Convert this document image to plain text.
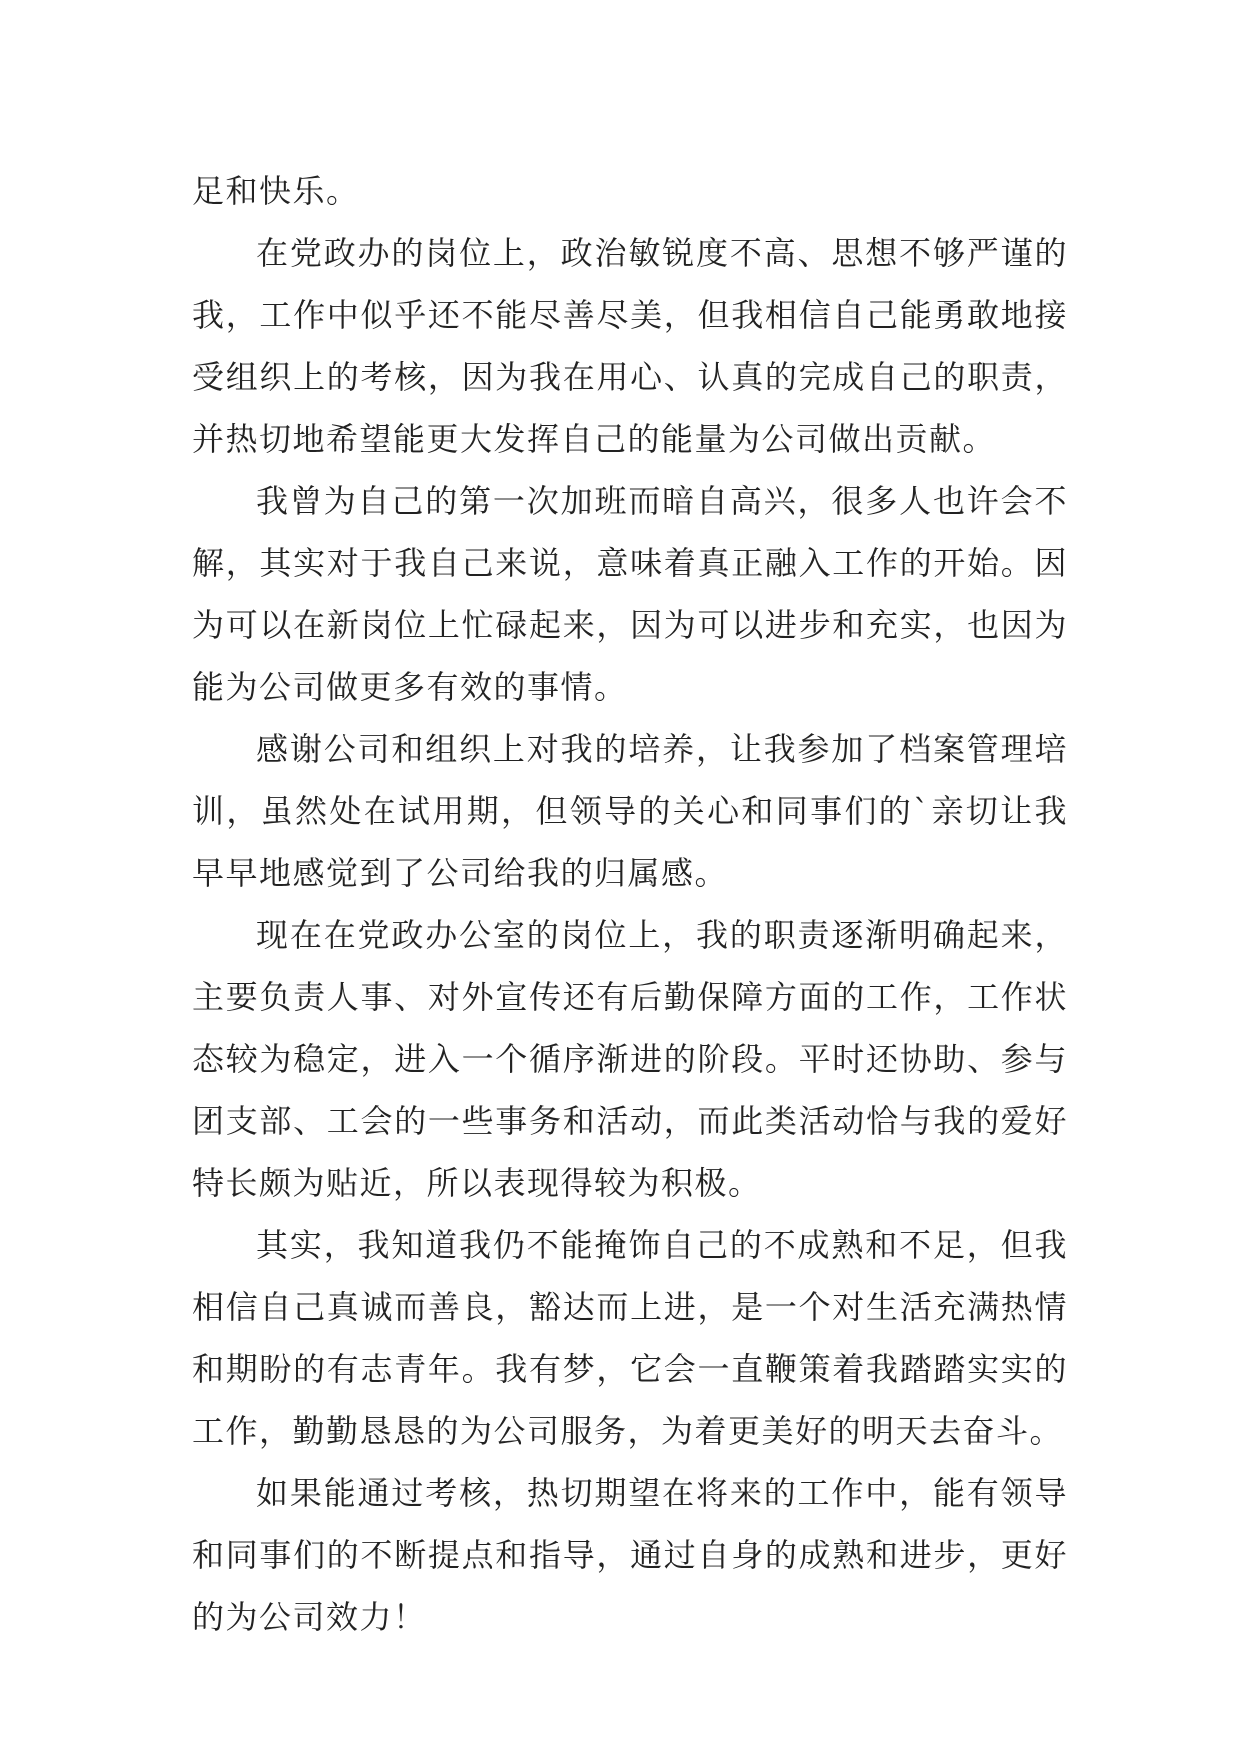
足和快乐。

在党政办的岗位上，政治敏锐度不高、思想不够严谨的我，工作中似乎还不能尽善尽美，但我相信自己能勇敢地接受组织上的考核，因为我在用心、认真的完成自己的职责，并热切地希望能更大发挥自己的能量为公司做出贡献。

我曾为自己的第一次加班而暗自高兴，很多人也许会不解，其实对于我自己来说，意味着真正融入工作的开始。因为可以在新岗位上忙碌起来，因为可以进步和充实，也因为能为公司做更多有效的事情。

感谢公司和组织上对我的培养，让我参加了档案管理培训，虽然处在试用期，但领导的关心和同事们的`亲切让我早早地感觉到了公司给我的归属感。

现在在党政办公室的岗位上，我的职责逐渐明确起来，主要负责人事、对外宣传还有后勤保障方面的工作，工作状态较为稳定，进入一个循序渐进的阶段。平时还协助、参与团支部、工会的一些事务和活动，而此类活动恰与我的爱好特长颇为贴近，所以表现得较为积极。

其实，我知道我仍不能掩饰自己的不成熟和不足，但我相信自己真诚而善良，豁达而上进，是一个对生活充满热情和期盼的有志青年。我有梦，它会一直鞭策着我踏踏实实的工作，勤勤恳恳的为公司服务，为着更美好的明天去奋斗。

如果能通过考核，热切期望在将来的工作中，能有领导和同事们的不断提点和指导，通过自身的成熟和进步，更好的为公司效力！
